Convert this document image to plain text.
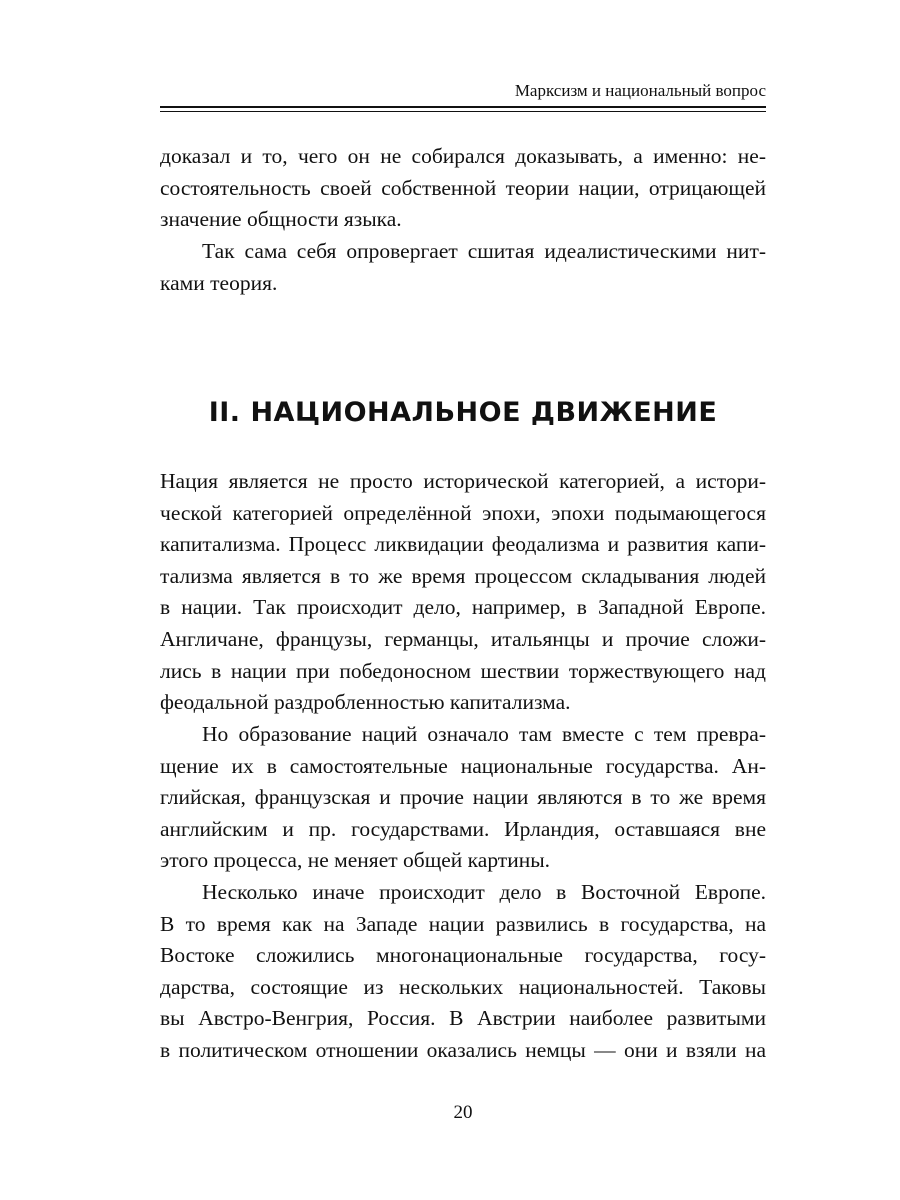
Марксизм и национальный вопрос

доказал и то, чего он не собирался доказывать, а именно: не-
состоятельность своей собственной теории нации, отрицающей
значение общности языка.

Так сама себя опровергает сшитая идеалистическими нит-
ками теория.

II. НАЦИОНАЛЬНОЕ ДВИЖЕНИЕ

Нация является не просто исторической категорией, а истори-
ческой категорией определённой эпохи, эпохи подымающегося
капитализма. Процесс ликвидации феодализма и развития капи-
тализма является в то же время процессом складывания людей
в нации. Так происходит дело, например, в Западной Европе.
Англичане, французы, германцы, итальянцы и прочие сложи-
лись в нации при победоносном шествии торжествующего над
феодальной раздробленностью капитализма.

Но образование наций означало там вместе с тем превра-
щение их в самостоятельные национальные государства. Ан-
глийская, французская и прочие нации являются в то же время
английским и пр. государствами. Ирландия, оставшаяся вне
этого процесса, не меняет общей картины.

Несколько иначе происходит дело в Восточной Европе.
В то время как на Западе нации развились в государства, на
Востоке сложились многонациональные государства, госу-
дарства, состоящие из нескольких национальностей. Таковы
вы Австро-Венгрия, Россия. В Австрии наиболее развитыми
в политическом отношении оказались немцы — они и взяли на

20
